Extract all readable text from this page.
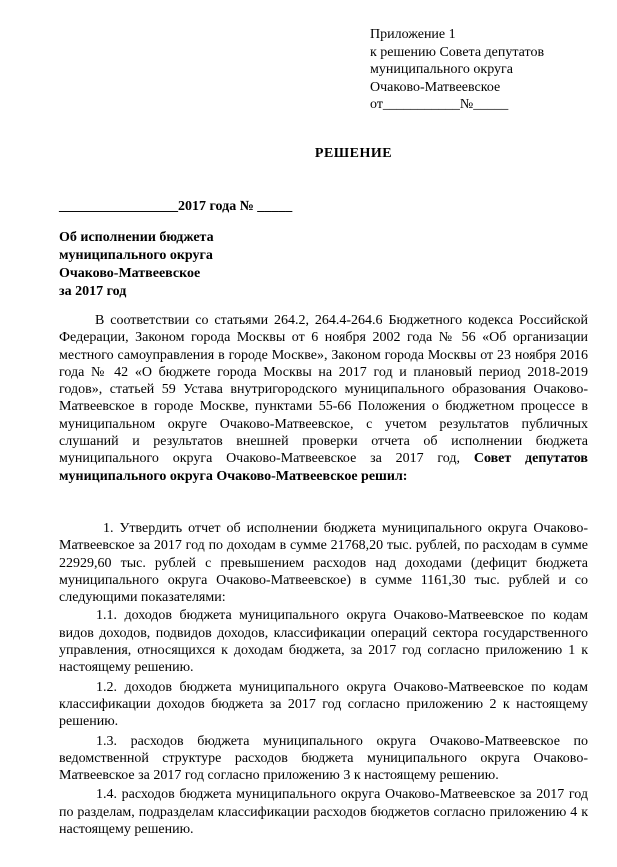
Приложение 1
к решению Совета депутатов
муниципального округа
Очаково-Матвеевское
от___________№_____
РЕШЕНИЕ
_________________2017 года № _____
Об исполнении бюджета
муниципального округа
Очаково-Матвеевское
за 2017 год

В соответствии со статьями 264.2, 264.4-264.6 Бюджетного кодекса Российской Федерации, Законом города Москвы от 6 ноября 2002 года № 56 «Об организации местного самоуправления в городе Москве», Законом города Москвы от 23 ноября 2016 года № 42 «О бюджете города Москвы на 2017 год и плановый период 2018-2019 годов», статьей 59 Устава внутригородского муниципального образования Очаково-Матвеевское в городе Москве, пунктами 55-66 Положения о бюджетном процессе в муниципальном округе Очаково-Матвеевское, с учетом результатов публичных слушаний и результатов внешней проверки отчета об исполнении бюджета муниципального округа Очаково-Матвеевское за 2017 год, Совет депутатов муниципального округа Очаково-Матвеевское решил:

1. Утвердить отчет об исполнении бюджета муниципального округа Очаково-Матвеевское за 2017 год по доходам в сумме 21768,20 тыс. рублей, по расходам в сумме 22929,60 тыс. рублей с превышением расходов над доходами (дефицит бюджета муниципального округа Очаково-Матвеевское) в сумме 1161,30 тыс. рублей и со следующими показателями:

1.1. доходов бюджета муниципального округа Очаково-Матвеевское по кодам видов доходов, подвидов доходов, классификации операций сектора государственного управления, относящихся к доходам бюджета, за 2017 год согласно приложению 1 к настоящему решению.

1.2. доходов бюджета муниципального округа Очаково-Матвеевское по кодам классификации доходов бюджета за 2017 год согласно приложению 2 к настоящему решению.

1.3. расходов бюджета муниципального округа Очаково-Матвеевское по ведомственной структуре расходов бюджета муниципального округа Очаково-Матвеевское за 2017 год согласно приложению 3 к настоящему решению.

1.4. расходов бюджета муниципального округа Очаково-Матвеевское за 2017 год по разделам, подразделам классификации расходов бюджетов согласно приложению 4 к настоящему решению.
